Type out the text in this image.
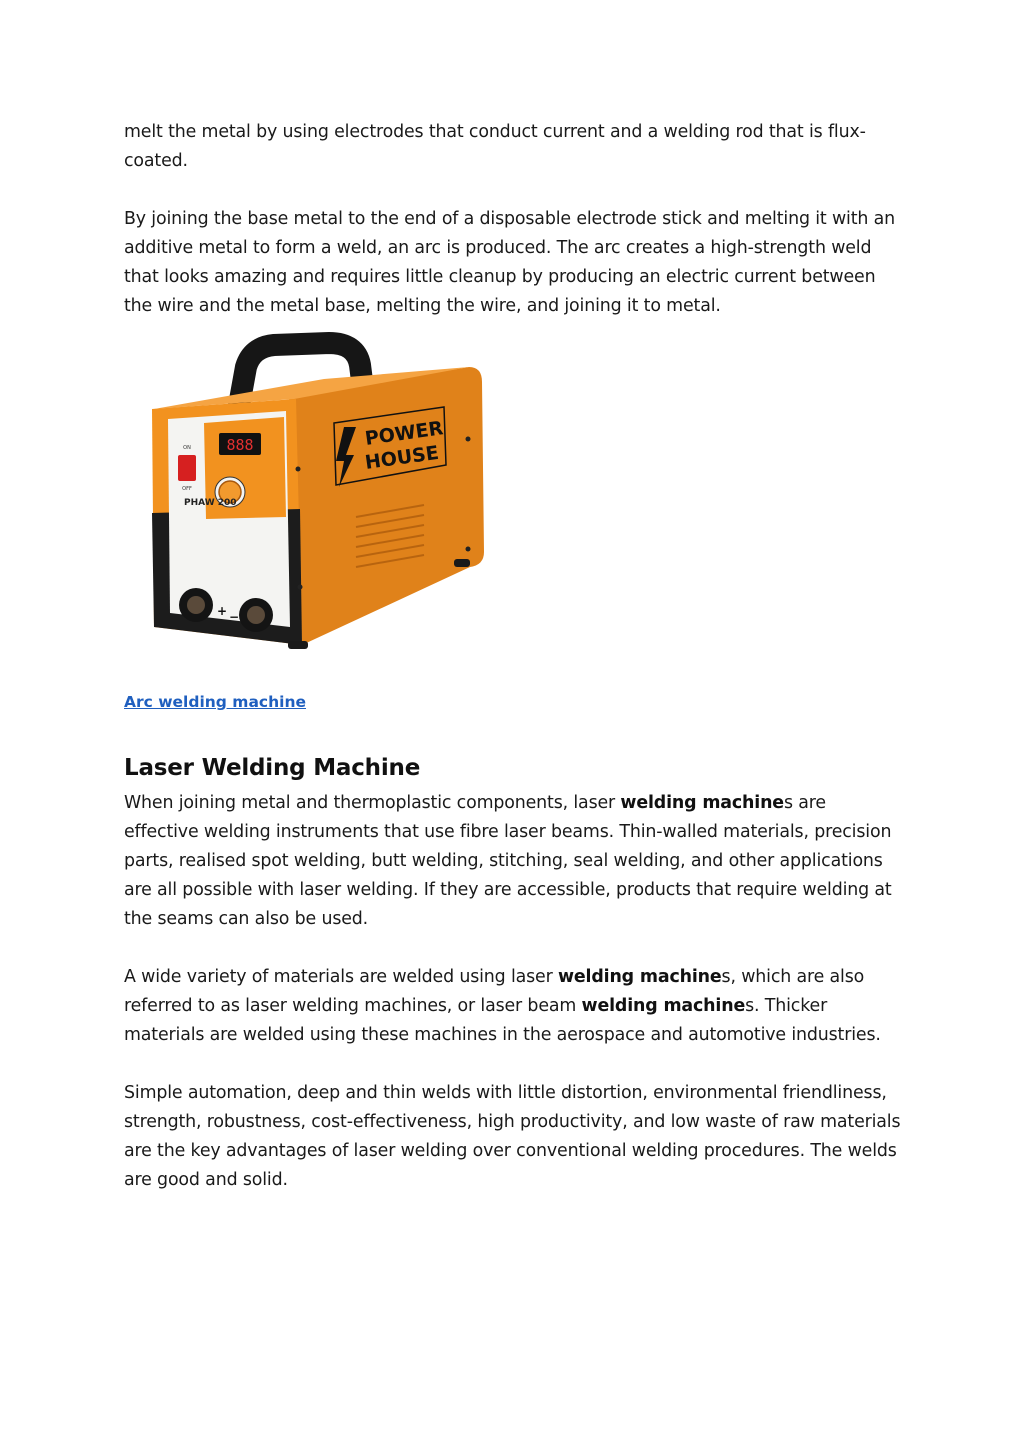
melt the metal by using electrodes that conduct current and a welding rod that is flux-coated.

By joining the base metal to the end of a disposable electrode stick and melting it with an additive metal to form a weld, an arc is produced. The arc creates a high-strength weld that looks amazing and requires little cleanup by producing an electric current between the wire and the metal base, melting the wire, and joining it to metal.

888
ON
OFF
PHAW 200
+ −
POWER
HOUSE
Arc welding machine
Laser Welding Machine

When joining metal and thermoplastic components, laser welding machines are effective welding instruments that use fibre laser beams. Thin-walled materials, precision parts, realised spot welding, butt welding, stitching, seal welding, and other applications are all possible with laser welding. If they are accessible, products that require welding at the seams can also be used.

A wide variety of materials are welded using laser welding machines, which are also referred to as laser welding machines, or laser beam welding machines. Thicker materials are welded using these machines in the aerospace and automotive industries.

Simple automation, deep and thin welds with little distortion, environmental friendliness, strength, robustness, cost-effectiveness, high productivity, and low waste of raw materials are the key advantages of laser welding over conventional welding procedures. The welds are good and solid.
